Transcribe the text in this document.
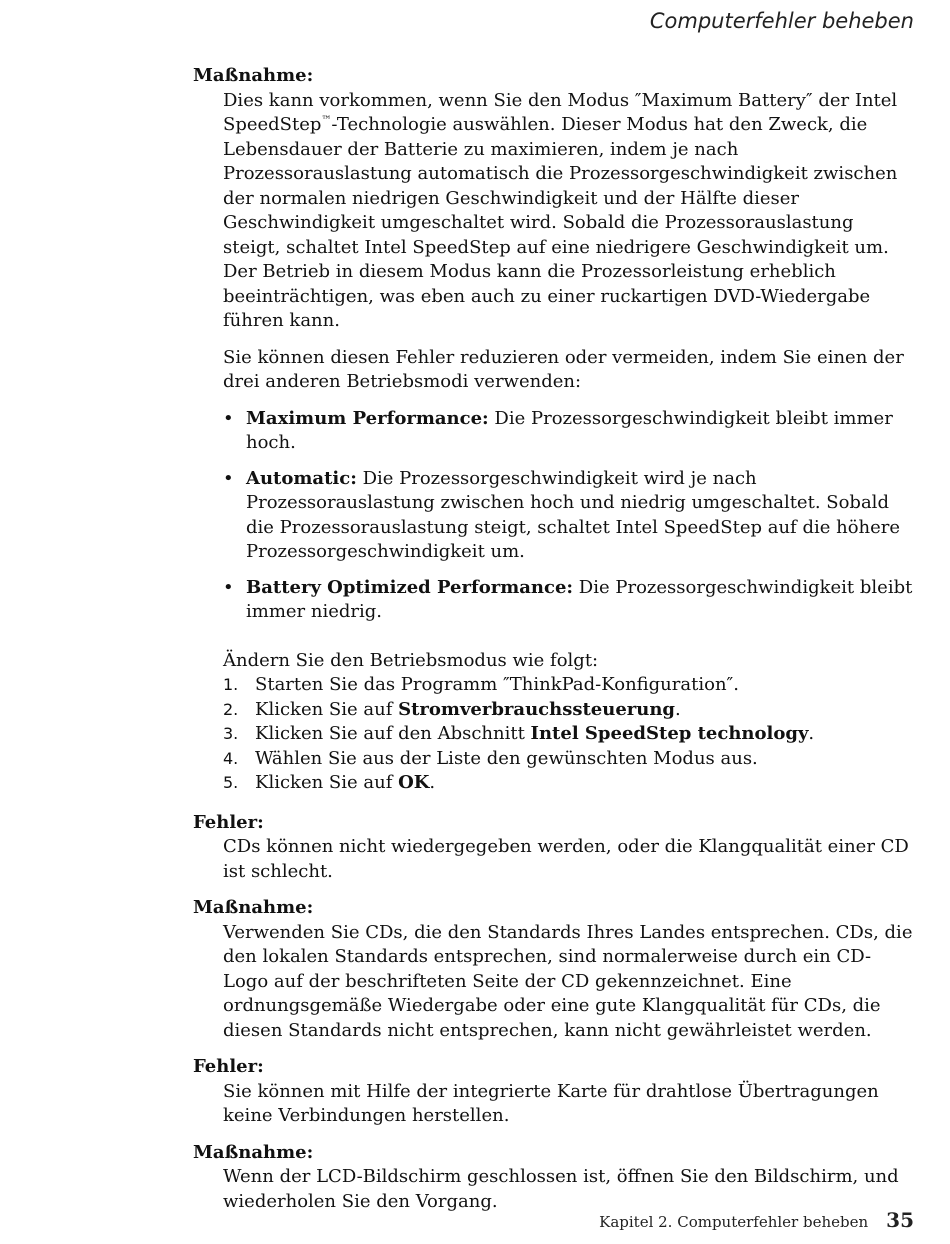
Computerfehler beheben

Maßnahme:

Dies kann vorkommen, wenn Sie den Modus ″Maximum Battery″ der Intel SpeedStep™-Technologie auswählen. Dieser Modus hat den Zweck, die Lebensdauer der Batterie zu maximieren, indem je nach Prozessorauslastung automatisch die Prozessorgeschwindigkeit zwischen der normalen niedrigen Geschwindigkeit und der Hälfte dieser Geschwindigkeit umgeschaltet wird. Sobald die Prozessorauslastung steigt, schaltet Intel SpeedStep auf eine niedrigere Geschwindigkeit um. Der Betrieb in diesem Modus kann die Prozessorleistung erheblich beeinträchtigen, was eben auch zu einer ruckartigen DVD-Wiedergabe führen kann.

Sie können diesen Fehler reduzieren oder vermeiden, indem Sie einen der drei anderen Betriebsmodi verwenden:

• Maximum Performance: Die Prozessorgeschwindigkeit bleibt immer hoch.
• Automatic: Die Prozessorgeschwindigkeit wird je nach Prozessorauslastung zwischen hoch und niedrig umgeschaltet. Sobald die Prozessorauslastung steigt, schaltet Intel SpeedStep auf die höhere Prozessorgeschwindigkeit um.
• Battery Optimized Performance: Die Prozessorgeschwindigkeit bleibt immer niedrig.

Ändern Sie den Betriebsmodus wie folgt:

1. Starten Sie das Programm ″ThinkPad-Konfiguration″.
2. Klicken Sie auf Stromverbrauchssteuerung.
3. Klicken Sie auf den Abschnitt Intel SpeedStep technology.
4. Wählen Sie aus der Liste den gewünschten Modus aus.
5. Klicken Sie auf OK.

Fehler:

CDs können nicht wiedergegeben werden, oder die Klangqualität einer CD ist schlecht.

Maßnahme:

Verwenden Sie CDs, die den Standards Ihres Landes entsprechen. CDs, die den lokalen Standards entsprechen, sind normalerweise durch ein CD-Logo auf der beschrifteten Seite der CD gekennzeichnet. Eine ordnungsgemäße Wiedergabe oder eine gute Klangqualität für CDs, die diesen Standards nicht entsprechen, kann nicht gewährleistet werden.

Fehler:

Sie können mit Hilfe der integrierte Karte für drahtlose Übertragungen keine Verbindungen herstellen.

Maßnahme:

Wenn der LCD-Bildschirm geschlossen ist, öffnen Sie den Bildschirm, und wiederholen Sie den Vorgang.

Kapitel 2. Computerfehler beheben 35
